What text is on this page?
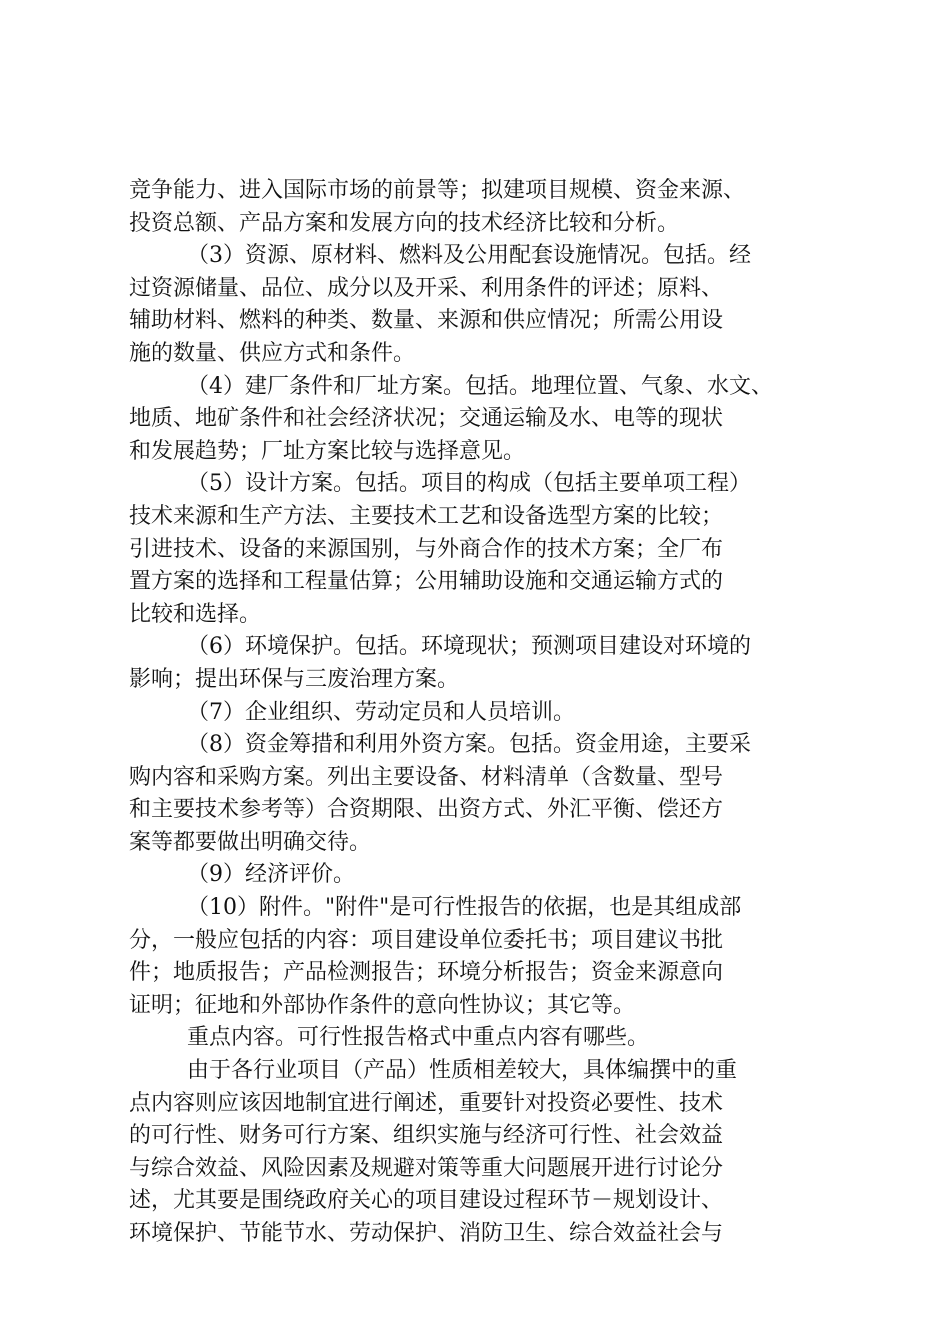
竞争能力、进入国际市场的前景等；拟建项目规模、资金来源、
投资总额、产品方案和发展方向的技术经济比较和分析。
（3）资源、原材料、燃料及公用配套设施情况。包括。经
过资源储量、品位、成分以及开采、利用条件的评述；原料、
辅助材料、燃料的种类、数量、来源和供应情况；所需公用设
施的数量、供应方式和条件。
（4）建厂条件和厂址方案。包括。地理位置、气象、水文、
地质、地矿条件和社会经济状况；交通运输及水、电等的现状
和发展趋势；厂址方案比较与选择意见。
（5）设计方案。包括。项目的构成（包括主要单项工程）
技术来源和生产方法、主要技术工艺和设备选型方案的比较；
引进技术、设备的来源国别，与外商合作的技术方案；全厂布
置方案的选择和工程量估算；公用辅助设施和交通运输方式的
比较和选择。
（6）环境保护。包括。环境现状；预测项目建设对环境的
影响；提出环保与三废治理方案。
（7）企业组织、劳动定员和人员培训。
（8）资金筹措和利用外资方案。包括。资金用途，主要采
购内容和采购方案。列出主要设备、材料清单（含数量、型号
和主要技术参考等）合资期限、出资方式、外汇平衡、偿还方
案等都要做出明确交待。
（9）经济评价。
（10）附件。"附件"是可行性报告的依据，也是其组成部
分，一般应包括的内容：项目建设单位委托书；项目建议书批
件；地质报告；产品检测报告；环境分析报告；资金来源意向
证明；征地和外部协作条件的意向性协议；其它等。
重点内容。可行性报告格式中重点内容有哪些。
由于各行业项目（产品）性质相差较大，具体编撰中的重
点内容则应该因地制宜进行阐述，重要针对投资必要性、技术
的可行性、财务可行方案、组织实施与经济可行性、社会效益
与综合效益、风险因素及规避对策等重大问题展开进行讨论分
述，尤其要是围绕政府关心的项目建设过程环节－规划设计、
环境保护、节能节水、劳动保护、消防卫生、综合效益社会与
